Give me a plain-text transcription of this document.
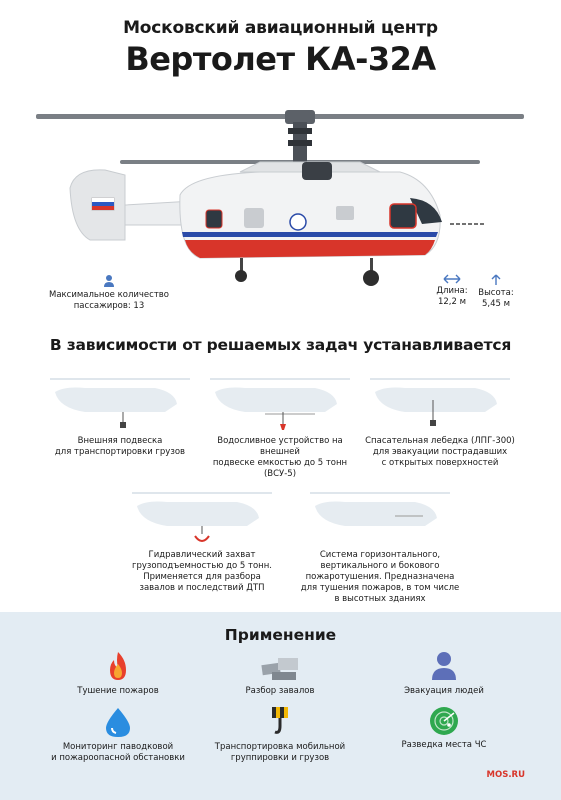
Московский авиационный центр
Вертолет КА-32А
Максимальное количество
пассажиров: 13
Длина:
12,2 м
Высота:
5,45 м
В зависимости от решаемых задач устанавливается
Внешняя подвеска
для транспортировки грузов
Водосливное устройство на внешней
подвеске емкостью до 5 тонн (ВСУ-5)
Спасательная лебедка (ЛПГ-300)
для эвакуации пострадавших
с открытых поверхностей
Гидравлический захват
грузоподъемностью до 5 тонн.
Применяется для разбора
завалов и последствий ДТП
Система горизонтального,
вертикального и бокового
пожаротушения. Предназначена
для тушения пожаров, в том числе
в высотных зданиях
Применение
Тушение пожаров	Разбор завалов	Эвакуация людей
Мониторинг паводковой
и пожароопасной обстановки
Транспортировка мобильной
группировки и грузов
Разведка места ЧС
MOS.RU
